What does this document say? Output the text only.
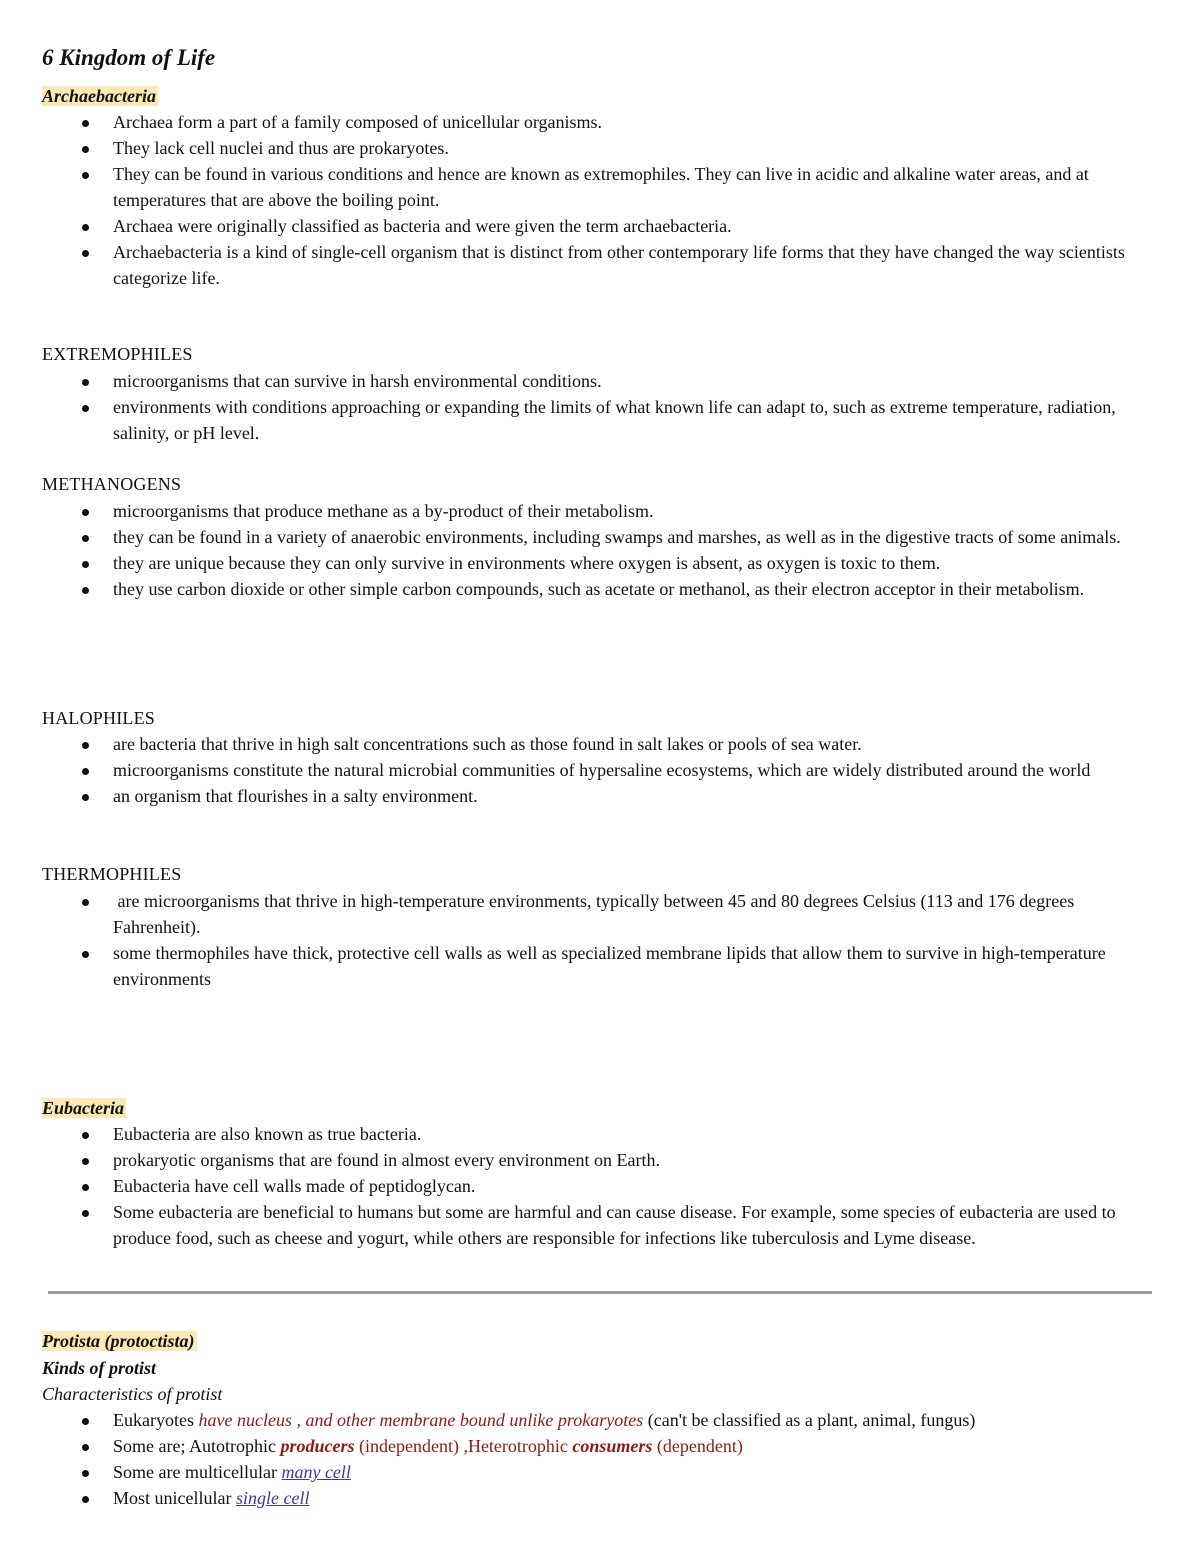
6 Kingdom of Life
Archaebacteria
Archaea form a part of a family composed of unicellular organisms.
They lack cell nuclei and thus are prokaryotes.
They can be found in various conditions and hence are known as extremophiles. They can live in acidic and alkaline water areas, and at temperatures that are above the boiling point.
Archaea were originally classified as bacteria and were given the term archaebacteria.
Archaebacteria is a kind of single-cell organism that is distinct from other contemporary life forms that they have changed the way scientists categorize life.
EXTREMOPHILES
microorganisms that can survive in harsh environmental conditions.
environments with conditions approaching or expanding the limits of what known life can adapt to, such as extreme temperature, radiation, salinity, or pH level.
METHANOGENS
microorganisms that produce methane as a by-product of their metabolism.
they can be found in a variety of anaerobic environments, including swamps and marshes, as well as in the digestive tracts of some animals.
they are unique because they can only survive in environments where oxygen is absent, as oxygen is toxic to them.
they use carbon dioxide or other simple carbon compounds, such as acetate or methanol, as their electron acceptor in their metabolism.
HALOPHILES
are bacteria that thrive in high salt concentrations such as those found in salt lakes or pools of sea water.
microorganisms constitute the natural microbial communities of hypersaline ecosystems, which are widely distributed around the world
an organism that flourishes in a salty environment.
THERMOPHILES
are microorganisms that thrive in high-temperature environments, typically between 45 and 80 degrees Celsius (113 and 176 degrees Fahrenheit).
some thermophiles have thick, protective cell walls as well as specialized membrane lipids that allow them to survive in high-temperature environments
Eubacteria
Eubacteria are also known as true bacteria.
prokaryotic organisms that are found in almost every environment on Earth.
Eubacteria have cell walls made of peptidoglycan.
Some eubacteria are beneficial to humans but some are harmful and can cause disease. For example, some species of eubacteria are used to produce food, such as cheese and yogurt, while others are responsible for infections like tuberculosis and Lyme disease.
Protista (protoctista)
Kinds of protist
Characteristics of protist
Eukaryotes have nucleus , and other membrane bound unlike prokaryotes (can't be classified as a plant, animal, fungus)
Some are; Autotrophic producers (independent) ,Heterotrophic consumers (dependent)
Some are multicellular many cell
Most unicellular single cell
